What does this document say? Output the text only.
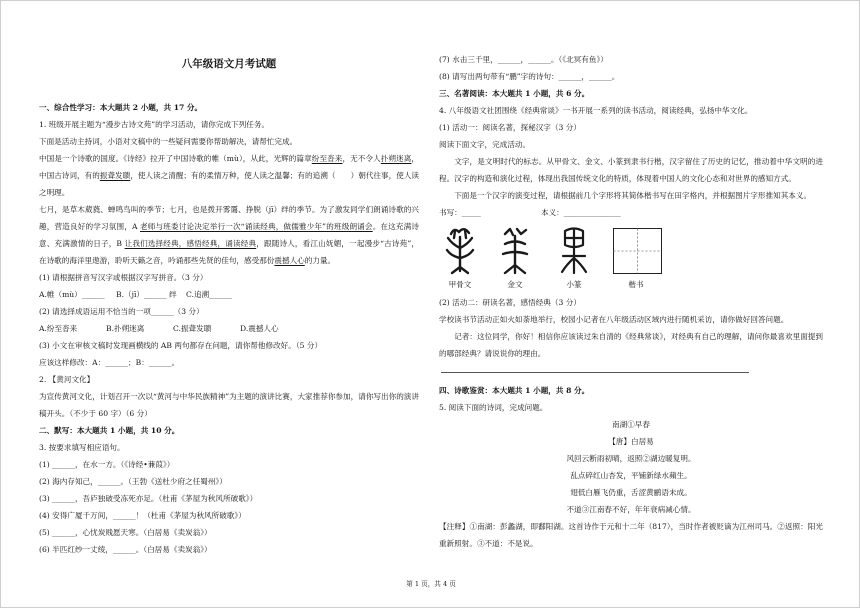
八年级语文月考试题
一、综合性学习：本大题共 2 小题，共 17 分。
1. 班级开展主题为“漫步古诗文苑”的学习活动，请你完成下列任务。
下面是活动主持词，小语对文稿中的一些疑问需要你帮助解决，请帮忙完成。

中国是一个诗歌的国度。《诗经》拉开了中国诗歌的帷（mù），从此，光辉的篇章纷至沓来，无不令人扑朔迷离，中国古诗词，有的振聋发聩，使人读之清醒；有的柔情万种，使人读之温馨；有的追溯（　　）朝代往事，使人读之明理。

七月，是草木葳蕤、蝉鸣鸟叫的季节；七月，也是拨开雾霭、挣脱（jī）绊的季节。为了激发同学们朗诵诗歌的兴趣，营造良好的学习氛围，A 老师与班委讨论决定举行一次“诵读经典，做儒雅少年”的班级朗诵会。在这充满诗意、充满激情的日子，B 让我们选择经典，感悟经典，诵读经典，跟随诗人，看江山妩媚，一起漫步“古诗苑”，在诗歌的海洋里遨游，聆听天籁之音，吟诵那些先贤的佳句，感受那份震撼人心的力量。

(1) 请根据拼音写汉字或根据汉字写拼音。（3 分）
A.帷（mù）______ B.（jī）______ 绊 C.追溯______
(2) 请选择成语运用不恰当的一项______（3 分）
A.纷至沓来	B.扑朔迷离	C.振聋发聩	D.震撼人心
(3) 小文在审核文稿时发现画横线的 AB 两句都存在问题，请你帮他修改好。（5 分）
应该这样修改：A：______；B：______。
2. 【黄河文化】

为宣传黄河文化，计划召开一次以“黄河与中华民族精神”为主题的演讲比赛，大家推荐你参加，请你写出你的演讲稿开头。（不少于 60 字）（6 分）

二、默写：本大题共 1 小题，共 10 分。
3. 按要求填写相应语句。
(1) ______，在水一方。（《诗经•蒹葭》）
(2) 海内存知己，______。（王勃《送杜少府之任蜀州》）
(3) ______，吾庐独破受冻死亦足。（杜甫《茅屋为秋风所破歌》）
(4) 安得广厦千万间，______！（杜甫《茅屋为秋风所破歌》）
(5) ______，心忧炭贱愿天寒。（白居易《卖炭翁》）
(6) 半匹红纱一丈绫，______。（白居易《卖炭翁》）
(7) 水击三千里，______，______。（《北冥有鱼》）
(8) 请写出两句带有“鹏”字的诗句：______，______。
三、名著阅读：本大题共 1 小题，共 6 分。
4. 八年级语文社团围绕《经典常谈》一书开展一系列的读书活动，阅读经典，弘扬中华文化。
(1) 活动一：阅读名著，探秘汉字（3 分）
阅读下面文字，完成活动。

文字，是文明时代的标志。从甲骨文、金文、小篆到隶书行楷，汉字留住了历史的记忆，推动着中华文明的进程。汉字的构造和演化过程，体现出我国传统文化的特质，体现着中国人的文化心态和对世界的感知方式。

下面是一个汉字的演变过程，请根据前几个字形将其简体楷书写在田字格内，并根据图片字形推知其本义。
书写：_____	本义：_______________
甲骨文	金文	小篆	楷书
(2) 活动二：研读名著，感悟经典（3 分）
学校读书节活动正如火如荼地举行，校园小记者在八年级活动区域内进行随机采访，请你做好回答问题。

记者：这位同学，你好！相信你应该读过朱自清的《经典常谈》，对经典有自己的理解，请问你最喜欢里面提到的哪部经典？请说说你的理由。

四、诗歌鉴赏：本大题共 1 小题，共 8 分。
5. 阅读下面的诗词，完成问题。
南湖①早春
【唐】白居易
风回云断雨初晴，返照②湖边暖复明。
乱点碎红山杏发，平铺新绿水蘋生。
翅低白雁飞仍重，舌涩黄鹂语未成。
不道③江南春不好，年年衰病减心情。

【注释】①南湖：彭蠡湖，即鄱阳湖。这首诗作于元和十二年（817），当时作者被贬谪为江州司马。②返照：阳光重新照射。③不道：不是说。

第 1 页，共 4 页
